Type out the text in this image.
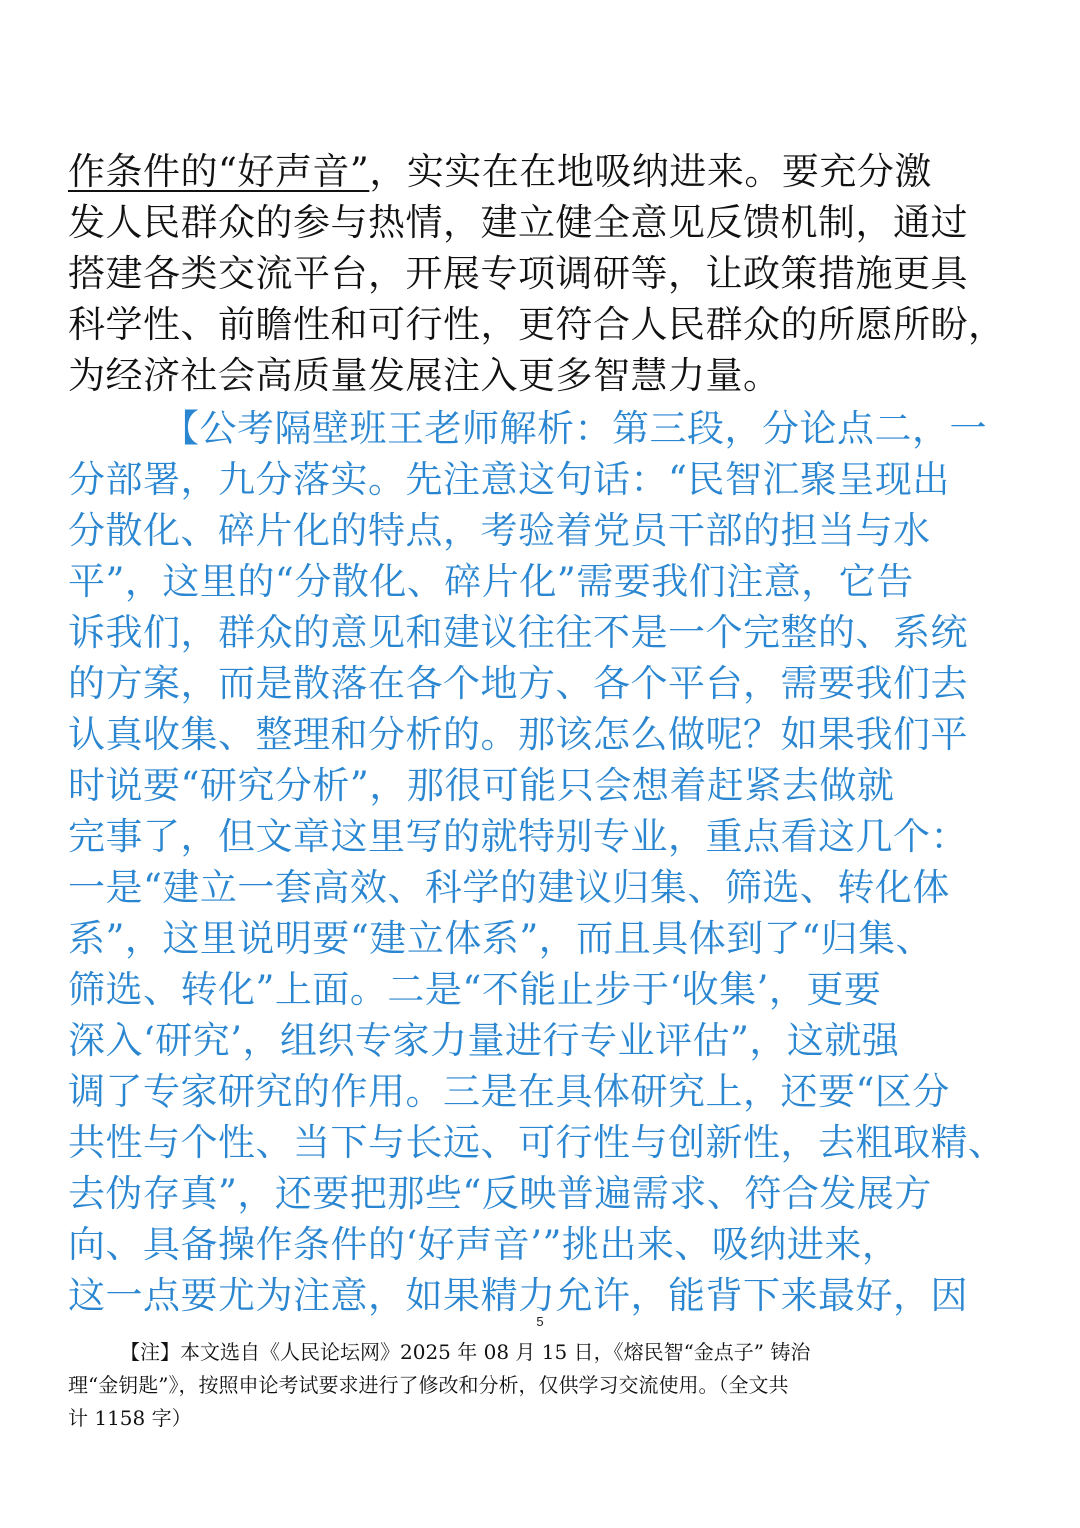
作条件的“好声音”，实实在在地吸纳进来。要充分激
发人民群众的参与热情，建立健全意见反馈机制，通过
搭建各类交流平台，开展专项调研等，让政策措施更具
科学性、前瞻性和可行性，更符合人民群众的所愿所盼，
为经济社会高质量发展注入更多智慧力量。
【公考隔壁班王老师解析：第三段，分论点二，一
分部署，九分落实。先注意这句话：“民智汇聚呈现出
分散化、碎片化的特点，考验着党员干部的担当与水
平”，这里的“分散化、碎片化”需要我们注意，它告
诉我们，群众的意见和建议往往不是一个完整的、系统
的方案，而是散落在各个地方、各个平台，需要我们去
认真收集、整理和分析的。那该怎么做呢？如果我们平
时说要“研究分析”，那很可能只会想着赶紧去做就
完事了，但文章这里写的就特别专业，重点看这几个：
一是“建立一套高效、科学的建议归集、筛选、转化体
系”，这里说明要“建立体系”，而且具体到了“归集、
筛选、转化”上面。二是“不能止步于‘收集’，更要
深入‘研究’，组织专家力量进行专业评估”，这就强
调了专家研究的作用。三是在具体研究上，还要“区分
共性与个性、当下与长远、可行性与创新性，去粗取精、
去伪存真”，还要把那些“反映普遍需求、符合发展方
向、具备操作条件的‘好声音’”挑出来、吸纳进来，
这一点要尤为注意，如果精力允许，能背下来最好，因
5
【注】本文选自《人民论坛网》2025 年 08 月 15 日，《熔民智“金点子” 铸治
理“金钥匙”》，按照申论考试要求进行了修改和分析，仅供学习交流使用。（全文共
计 1158 字）
